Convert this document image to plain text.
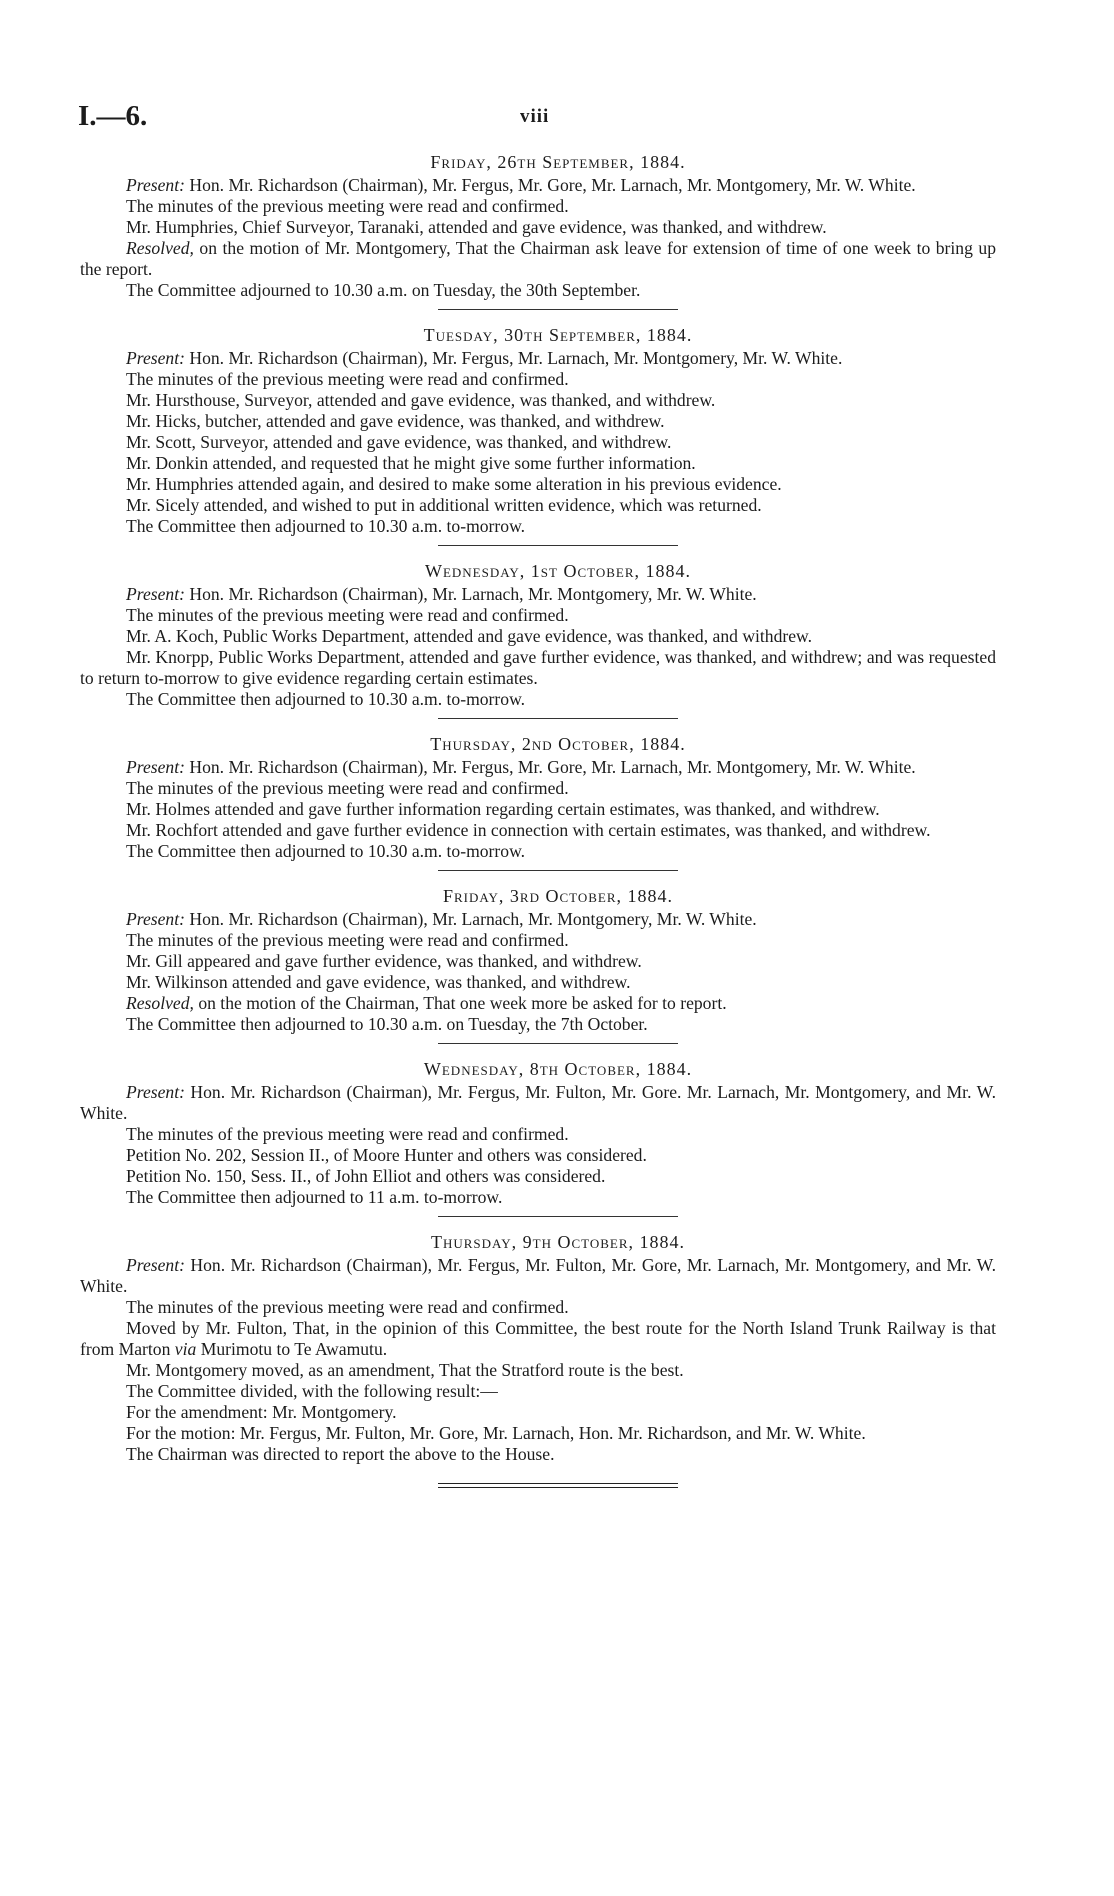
I.—6.	viii
Friday, 26th September, 1884.

Present: Hon. Mr. Richardson (Chairman), Mr. Fergus, Mr. Gore, Mr. Larnach, Mr. Montgomery, Mr. W. White.

The minutes of the previous meeting were read and confirmed.

Mr. Humphries, Chief Surveyor, Taranaki, attended and gave evidence, was thanked, and withdrew.

Resolved, on the motion of Mr. Montgomery, That the Chairman ask leave for extension of time of one week to bring up the report.

The Committee adjourned to 10.30 a.m. on Tuesday, the 30th September.

Tuesday, 30th September, 1884.

Present: Hon. Mr. Richardson (Chairman), Mr. Fergus, Mr. Larnach, Mr. Montgomery, Mr. W. White.

The minutes of the previous meeting were read and confirmed.

Mr. Hursthouse, Surveyor, attended and gave evidence, was thanked, and withdrew.

Mr. Hicks, butcher, attended and gave evidence, was thanked, and withdrew.

Mr. Scott, Surveyor, attended and gave evidence, was thanked, and withdrew.

Mr. Donkin attended, and requested that he might give some further information.

Mr. Humphries attended again, and desired to make some alteration in his previous evidence.

Mr. Sicely attended, and wished to put in additional written evidence, which was returned.

The Committee then adjourned to 10.30 a.m. to-morrow.

Wednesday, 1st October, 1884.

Present: Hon. Mr. Richardson (Chairman), Mr. Larnach, Mr. Montgomery, Mr. W. White.

The minutes of the previous meeting were read and confirmed.

Mr. A. Koch, Public Works Department, attended and gave evidence, was thanked, and withdrew.

Mr. Knorpp, Public Works Department, attended and gave further evidence, was thanked, and withdrew; and was requested to return to-morrow to give evidence regarding certain estimates.

The Committee then adjourned to 10.30 a.m. to-morrow.

Thursday, 2nd October, 1884.

Present: Hon. Mr. Richardson (Chairman), Mr. Fergus, Mr. Gore, Mr. Larnach, Mr. Montgomery, Mr. W. White.

The minutes of the previous meeting were read and confirmed.

Mr. Holmes attended and gave further information regarding certain estimates, was thanked, and withdrew.

Mr. Rochfort attended and gave further evidence in connection with certain estimates, was thanked, and withdrew.

The Committee then adjourned to 10.30 a.m. to-morrow.

Friday, 3rd October, 1884.

Present: Hon. Mr. Richardson (Chairman), Mr. Larnach, Mr. Montgomery, Mr. W. White.

The minutes of the previous meeting were read and confirmed.

Mr. Gill appeared and gave further evidence, was thanked, and withdrew.

Mr. Wilkinson attended and gave evidence, was thanked, and withdrew.

Resolved, on the motion of the Chairman, That one week more be asked for to report.

The Committee then adjourned to 10.30 a.m. on Tuesday, the 7th October.

Wednesday, 8th October, 1884.

Present: Hon. Mr. Richardson (Chairman), Mr. Fergus, Mr. Fulton, Mr. Gore. Mr. Larnach, Mr. Montgomery, and Mr. W. White.

The minutes of the previous meeting were read and confirmed.

Petition No. 202, Session II., of Moore Hunter and others was considered.

Petition No. 150, Sess. II., of John Elliot and others was considered.

The Committee then adjourned to 11 a.m. to-morrow.

Thursday, 9th October, 1884.

Present: Hon. Mr. Richardson (Chairman), Mr. Fergus, Mr. Fulton, Mr. Gore, Mr. Larnach, Mr. Montgomery, and Mr. W. White.

The minutes of the previous meeting were read and confirmed.

Moved by Mr. Fulton, That, in the opinion of this Committee, the best route for the North Island Trunk Railway is that from Marton via Murimotu to Te Awamutu.

Mr. Montgomery moved, as an amendment, That the Stratford route is the best.

The Committee divided, with the following result:—

For the amendment: Mr. Montgomery.

For the motion: Mr. Fergus, Mr. Fulton, Mr. Gore, Mr. Larnach, Hon. Mr. Richardson, and Mr. W. White.

The Chairman was directed to report the above to the House.
